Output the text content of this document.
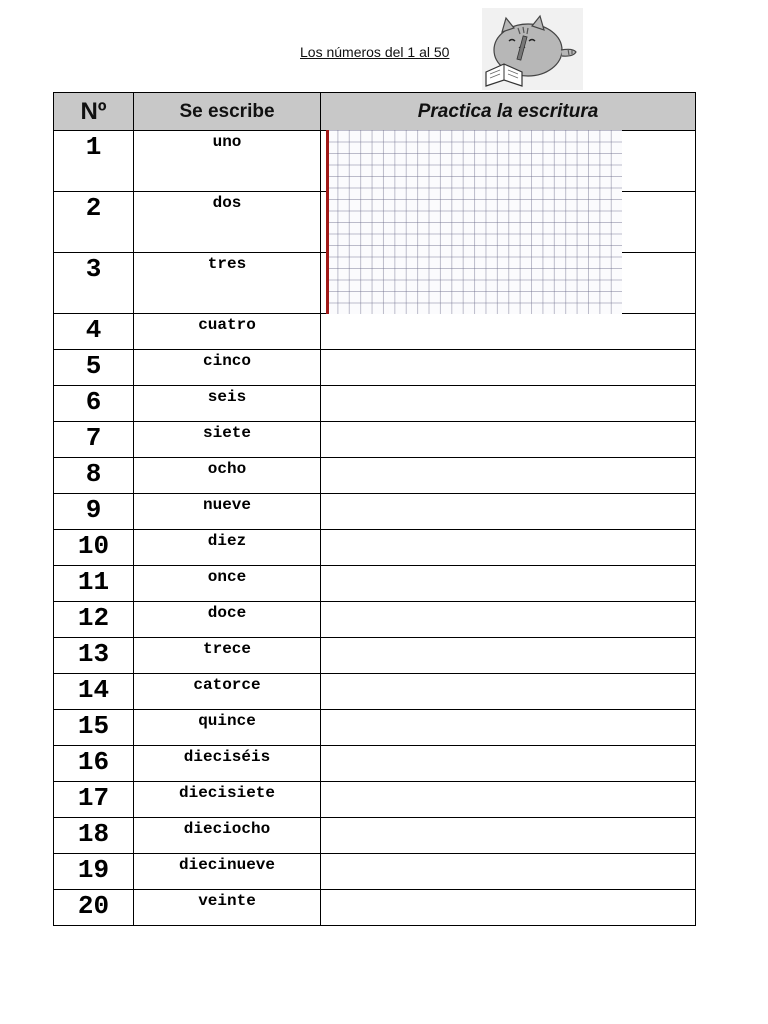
Los números del 1 al 50
Nº	Se escribe	Practica la escritura
1	uno	
2	dos	
3	tres	
4	cuatro	
5	cinco	
6	seis	
7	siete	
8	ocho	
9	nueve	
10	diez	
11	once	
12	doce	
13	trece	
14	catorce	
15	quince	
16	dieciséis	
17	diecisiete	
18	dieciocho	
19	diecinueve	
20	veinte	
